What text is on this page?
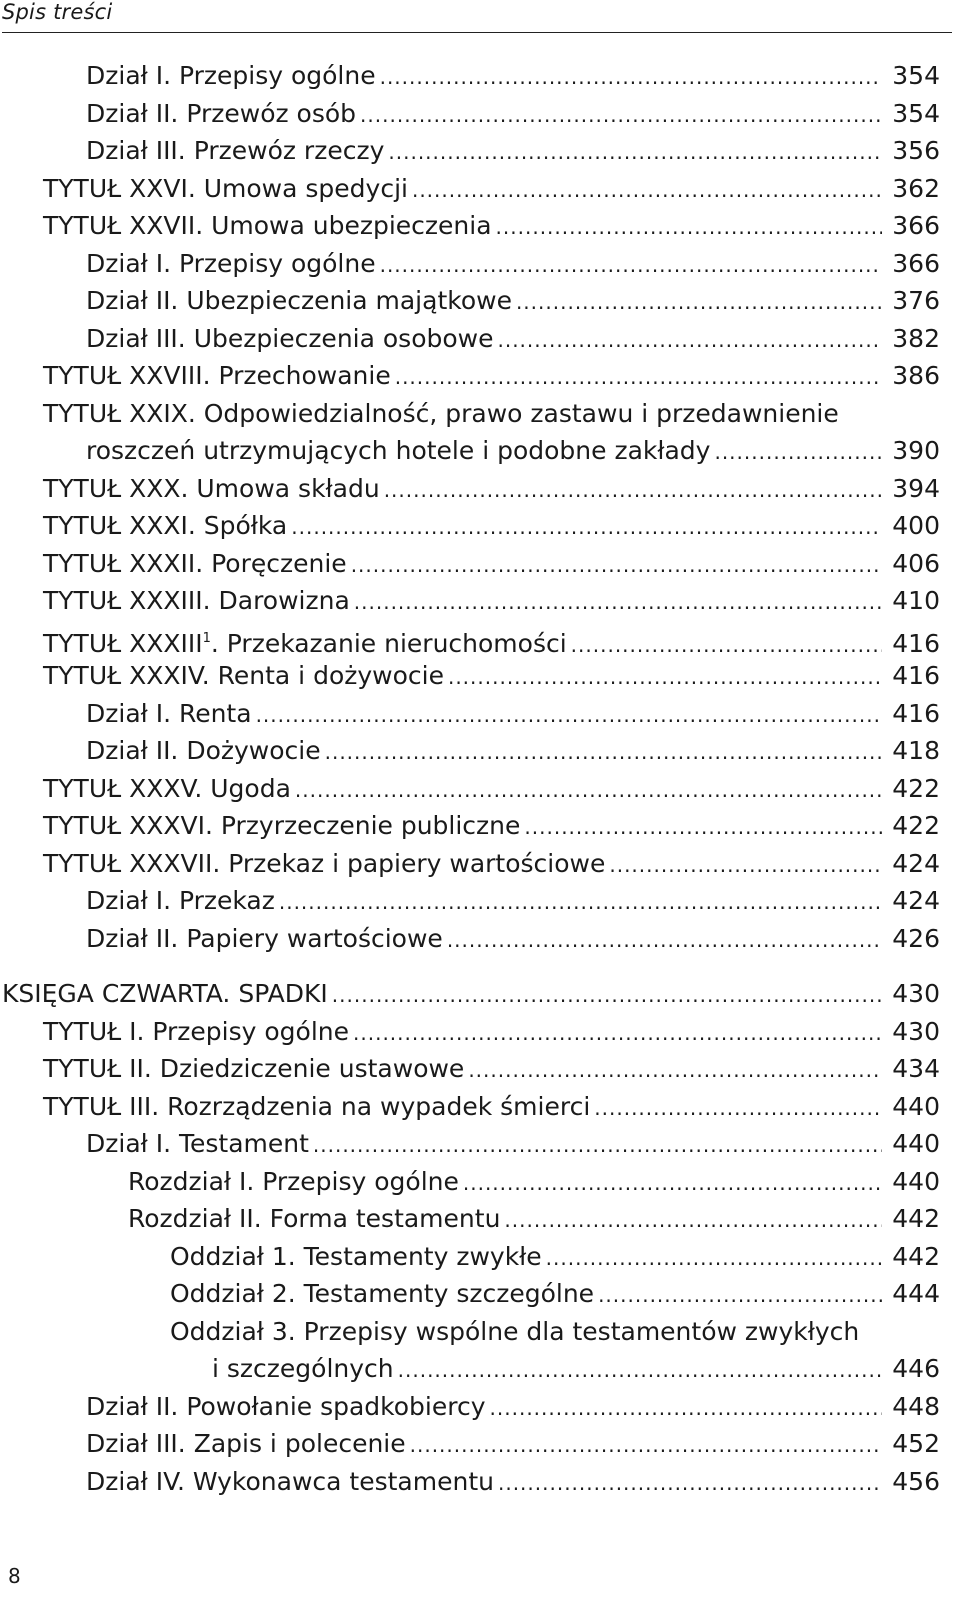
Spis treści
Dział I. Przepisy ogólne .....	354
Dział II. Przewóz osób .....	354
Dział III. Przewóz rzeczy .....	356
TYTUŁ XXVI. Umowa spedycji .....	362
TYTUŁ XXVII. Umowa ubezpieczenia .....	366
Dział I. Przepisy ogólne .....	366
Dział II. Ubezpieczenia majątkowe .....	376
Dział III. Ubezpieczenia osobowe .....	382
TYTUŁ XXVIII. Przechowanie .....	386
TYTUŁ XXIX. Odpowiedzialność, prawo zastawu i przedawnienie
roszczeń utrzymujących hotele i podobne zakłady .....	390
TYTUŁ XXX. Umowa składu .....	394
TYTUŁ XXXI. Spółka .....	400
TYTUŁ XXXII. Poręczenie .....	406
TYTUŁ XXXIII. Darowizna .....	410
TYTUŁ XXXIII$^1$. Przekazanie nieruchomości .....	416
TYTUŁ XXXIV. Renta i dożywocie .....	416
Dział I. Renta .....	416
Dział II. Dożywocie .....	418
TYTUŁ XXXV. Ugoda .....	422
TYTUŁ XXXVI. Przyrzeczenie publiczne .....	422
TYTUŁ XXXVII. Przekaz i papiery wartościowe .....	424
Dział I. Przekaz .....	424
Dział II. Papiery wartościowe .....	426
KSIĘGA CZWARTA. SPADKI .....	430
TYTUŁ I. Przepisy ogólne .....	430
TYTUŁ II. Dziedziczenie ustawowe .....	434
TYTUŁ III. Rozrządzenia na wypadek śmierci .....	440
Dział I. Testament .....	440
Rozdział I. Przepisy ogólne .....	440
Rozdział II. Forma testamentu .....	442
Oddział 1. Testamenty zwykłe .....	442
Oddział 2. Testamenty szczególne .....	444
Oddział 3. Przepisy wspólne dla testamentów zwykłych
i szczególnych .....	446
Dział II. Powołanie spadkobiercy .....	448
Dział III. Zapis i polecenie .....	452
Dział IV. Wykonawca testamentu .....	456
8
